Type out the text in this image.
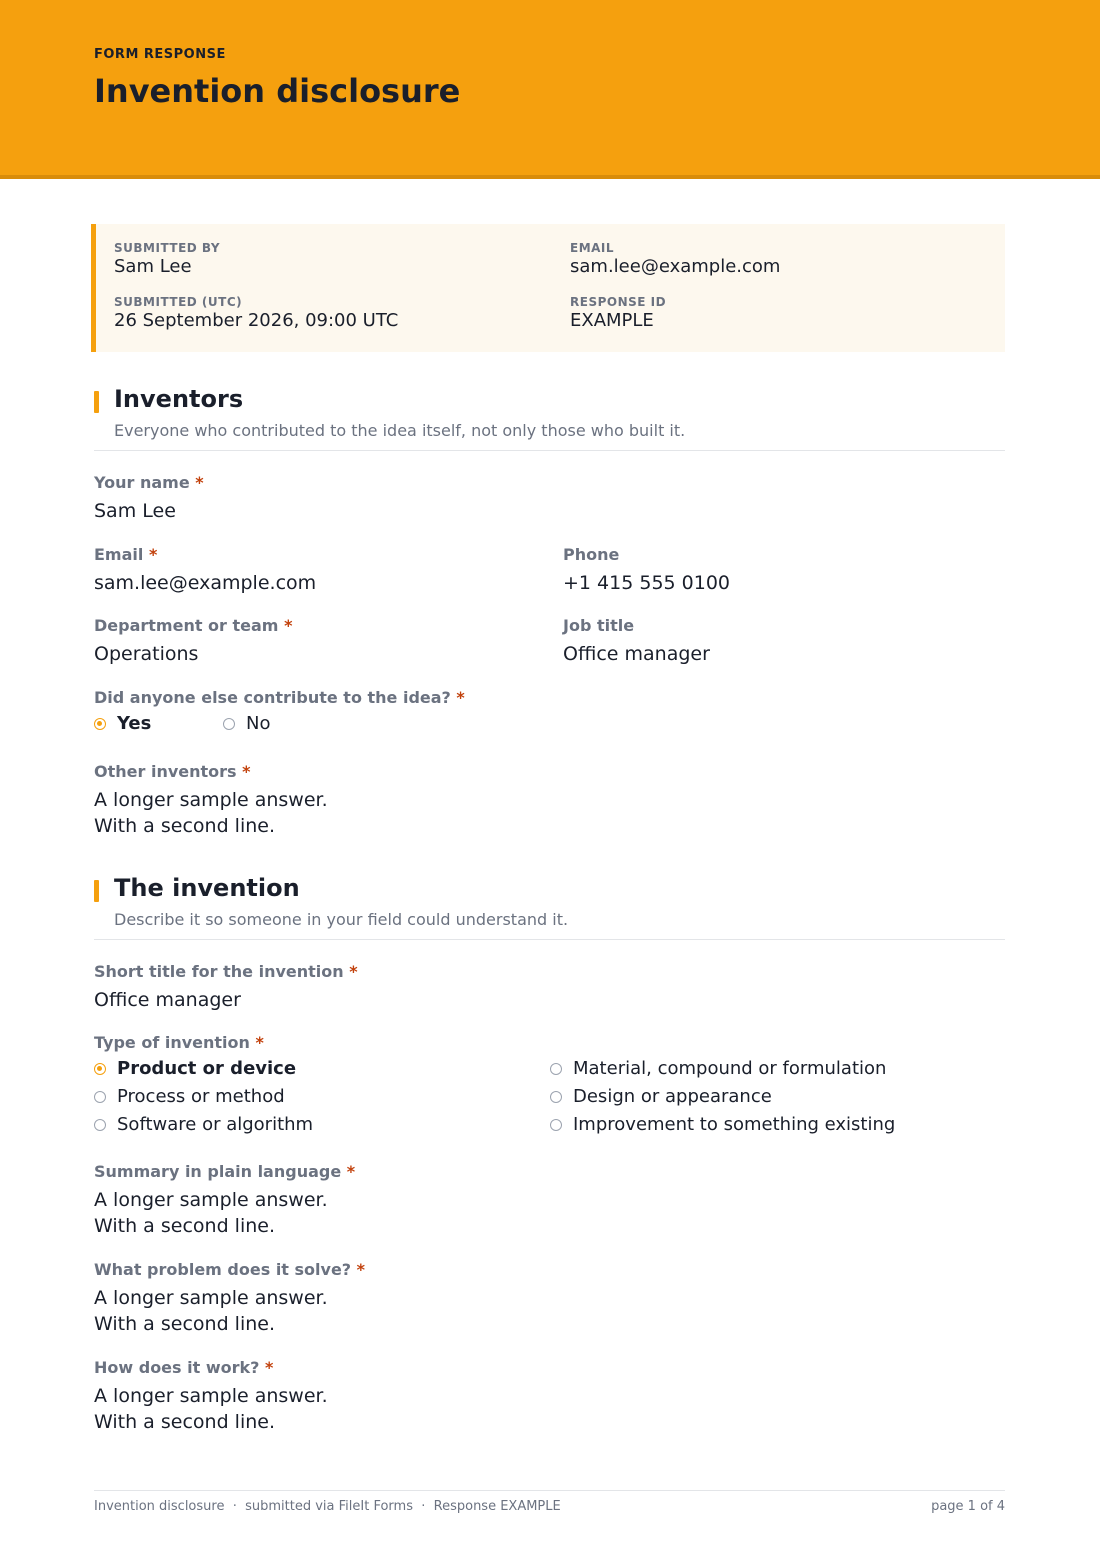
FORM RESPONSE
Invention disclosure
SUBMITTED BY
Sam Lee
EMAIL
sam.lee@example.com
SUBMITTED (UTC)
26 September 2026, 09:00 UTC
RESPONSE ID
EXAMPLE
Inventors
Everyone who contributed to the idea itself, not only those who built it.
Your name *
Sam Lee
Email *
sam.lee@example.com
Phone
+1 415 555 0100
Department or team *
Operations
Job title
Office manager
Did anyone else contribute to the idea? *
Yes	No
Other inventors *
A longer sample answer.
With a second line.
The invention
Describe it so someone in your field could understand it.
Short title for the invention *
Office manager
Type of invention *
Product or device
Process or method
Software or algorithm
Material, compound or formulation
Design or appearance
Improvement to something existing
Summary in plain language *
A longer sample answer.
With a second line.
What problem does it solve? *
A longer sample answer.
With a second line.
How does it work? *
A longer sample answer.
With a second line.
Invention disclosure  ·  submitted via FileIt Forms  ·  Response EXAMPLE	page 1 of 4
